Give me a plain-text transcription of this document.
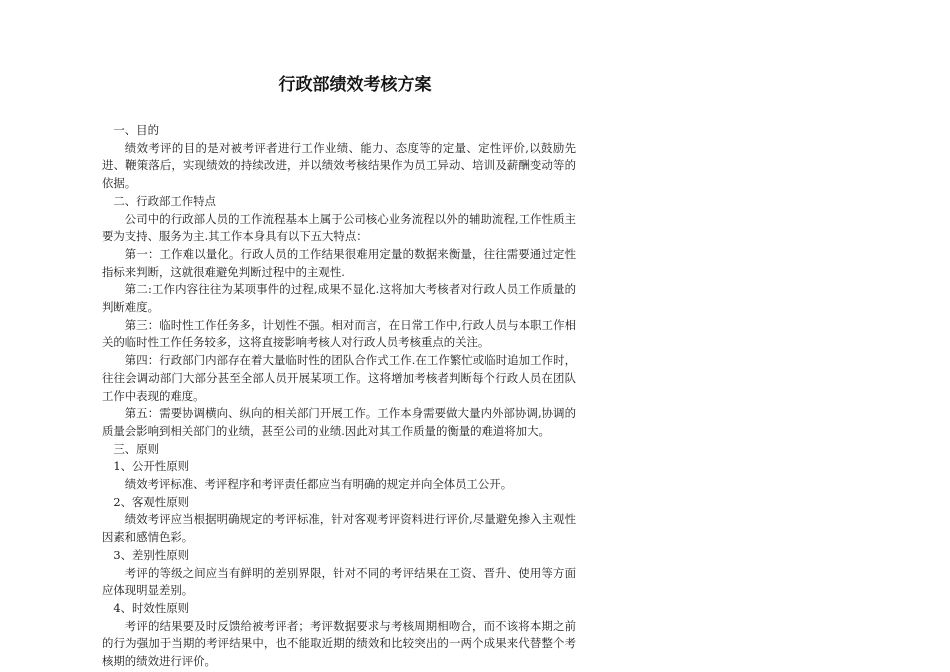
行政部绩效考核方案

一、目的

绩效考评的目的是对被考评者进行工作业绩、能力、态度等的定量、定性评价,以鼓励先进、鞭策落后，实现绩效的持续改进，并以绩效考核结果作为员工异动、培训及薪酬变动等的依据。

二、行政部工作特点

公司中的行政部人员的工作流程基本上属于公司核心业务流程以外的辅助流程,工作性质主要为支持、服务为主.其工作本身具有以下五大特点：

第一：工作难以量化。行政人员的工作结果很难用定量的数据来衡量，往往需要通过定性指标来判断，这就很难避免判断过程中的主观性.

第二:工作内容往往为某项事件的过程,成果不显化.这将加大考核者对行政人员工作质量的判断难度。

第三：临时性工作任务多，计划性不强。相对而言，在日常工作中,行政人员与本职工作相关的临时性工作任务较多，这将直接影响考核人对行政人员考核重点的关注。

第四：行政部门内部存在着大量临时性的团队合作式工作.在工作繁忙或临时追加工作时，往往会调动部门大部分甚至全部人员开展某项工作。这将增加考核者判断每个行政人员在团队工作中表现的难度。

第五：需要协调横向、纵向的相关部门开展工作。工作本身需要做大量内外部协调,协调的质量会影响到相关部门的业绩，甚至公司的业绩.因此对其工作质量的衡量的难道将加大。

三、原则

1、公开性原则

绩效考评标准、考评程序和考评责任都应当有明确的规定并向全体员工公开。

2、客观性原则

绩效考评应当根据明确规定的考评标准，针对客观考评资料进行评价,尽量避免掺入主观性因素和感情色彩。

3、差别性原则

考评的等级之间应当有鲜明的差别界限，针对不同的考评结果在工资、晋升、使用等方面应体现明显差别。

4、时效性原则

考评的结果要及时反馈给被考评者；考评数据要求与考核周期相吻合，而不该将本期之前的行为强加于当期的考评结果中，也不能取近期的绩效和比较突出的一两个成果来代替整个考核期的绩效进行评价。
